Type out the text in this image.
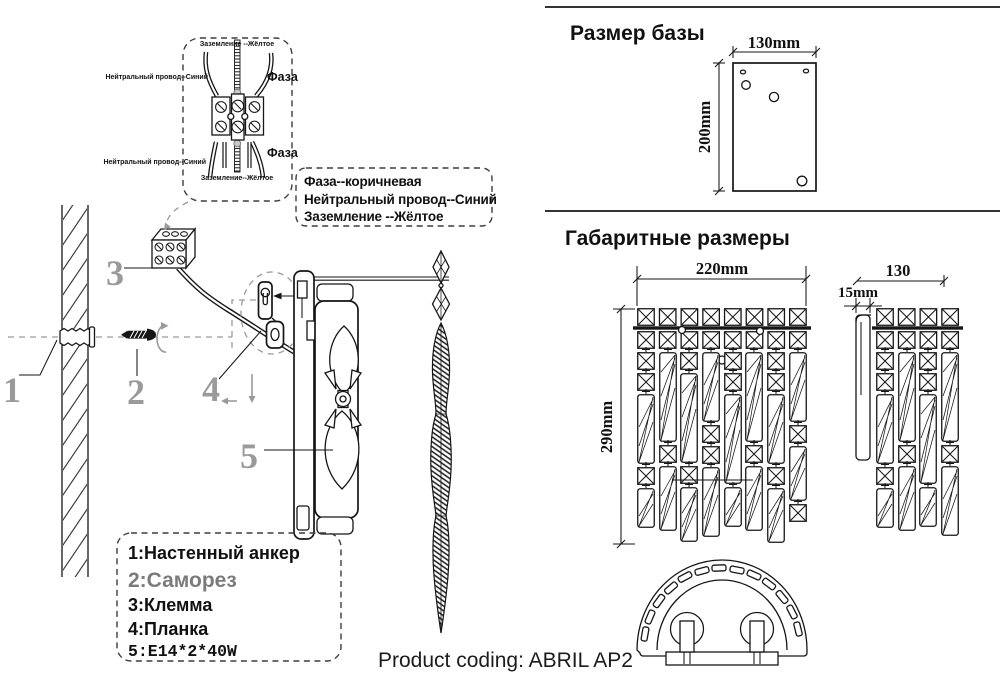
1	2
3
4
5
Заземление --Жёлтое
Нейтральный провод--Синий	Фаза
Нейтральный провод--Синий
Фаза
Заземление--Жёлтое Фаза--коричневая
Нейтральный провод--Синий
Заземление --Жёлтое
1:Настенный анкер
2:Саморез
3:Клемма
4:Планка
5:E14*2*40W	Product coding: ABRIL AP2
Размер базы	130mm
200mm
Габаритные размеры
220mm
290mm
130
15mm
